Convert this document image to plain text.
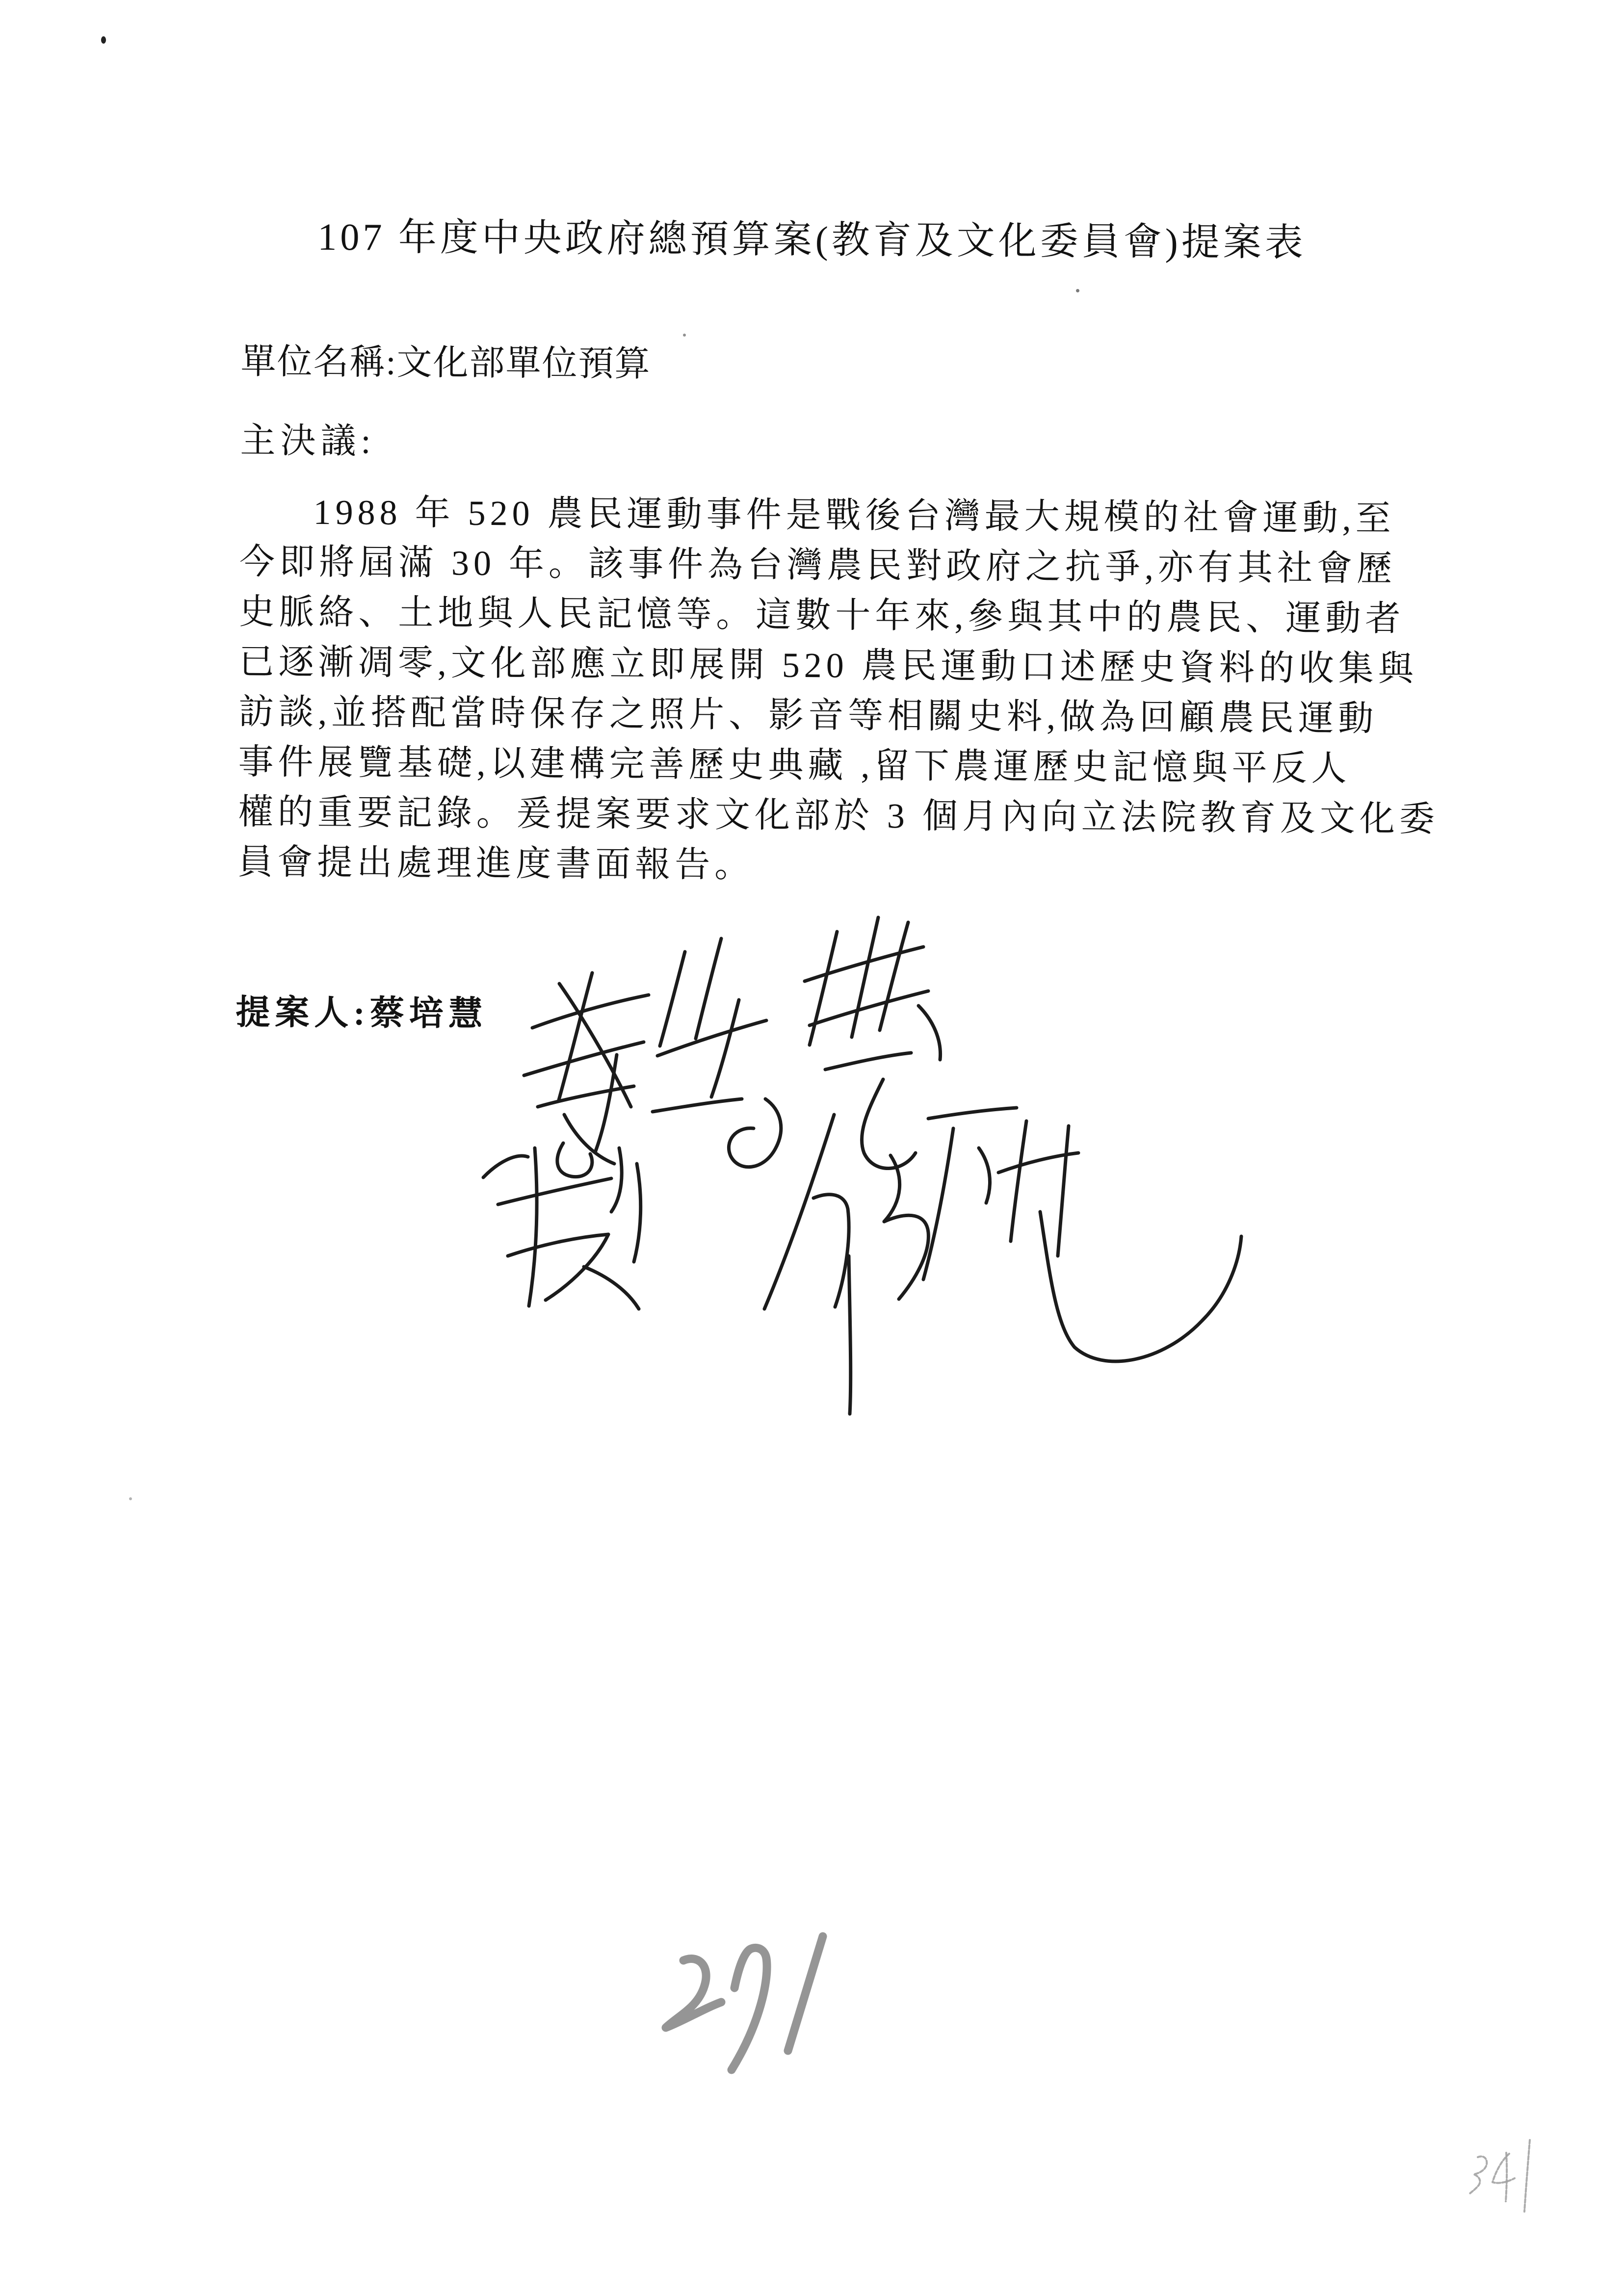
107 年度中央政府總預算案(教育及文化委員會)提案表
單位名稱:文化部單位預算
主決議:
1988 年 520 農民運動事件是戰後台灣最大規模的社會運動,至
今即將屆滿 30 年。該事件為台灣農民對政府之抗爭,亦有其社會歷
史脈絡、土地與人民記憶等。這數十年來,參與其中的農民、運動者
已逐漸凋零,文化部應立即展開 520 農民運動口述歷史資料的收集與
訪談,並搭配當時保存之照片、影音等相關史料,做為回顧農民運動
事件展覽基礎,以建構完善歷史典藏 ,留下農運歷史記憶與平反人
權的重要記錄。爰提案要求文化部於 3 個月內向立法院教育及文化委
員會提出處理進度書面報告。
提案人:蔡培慧
